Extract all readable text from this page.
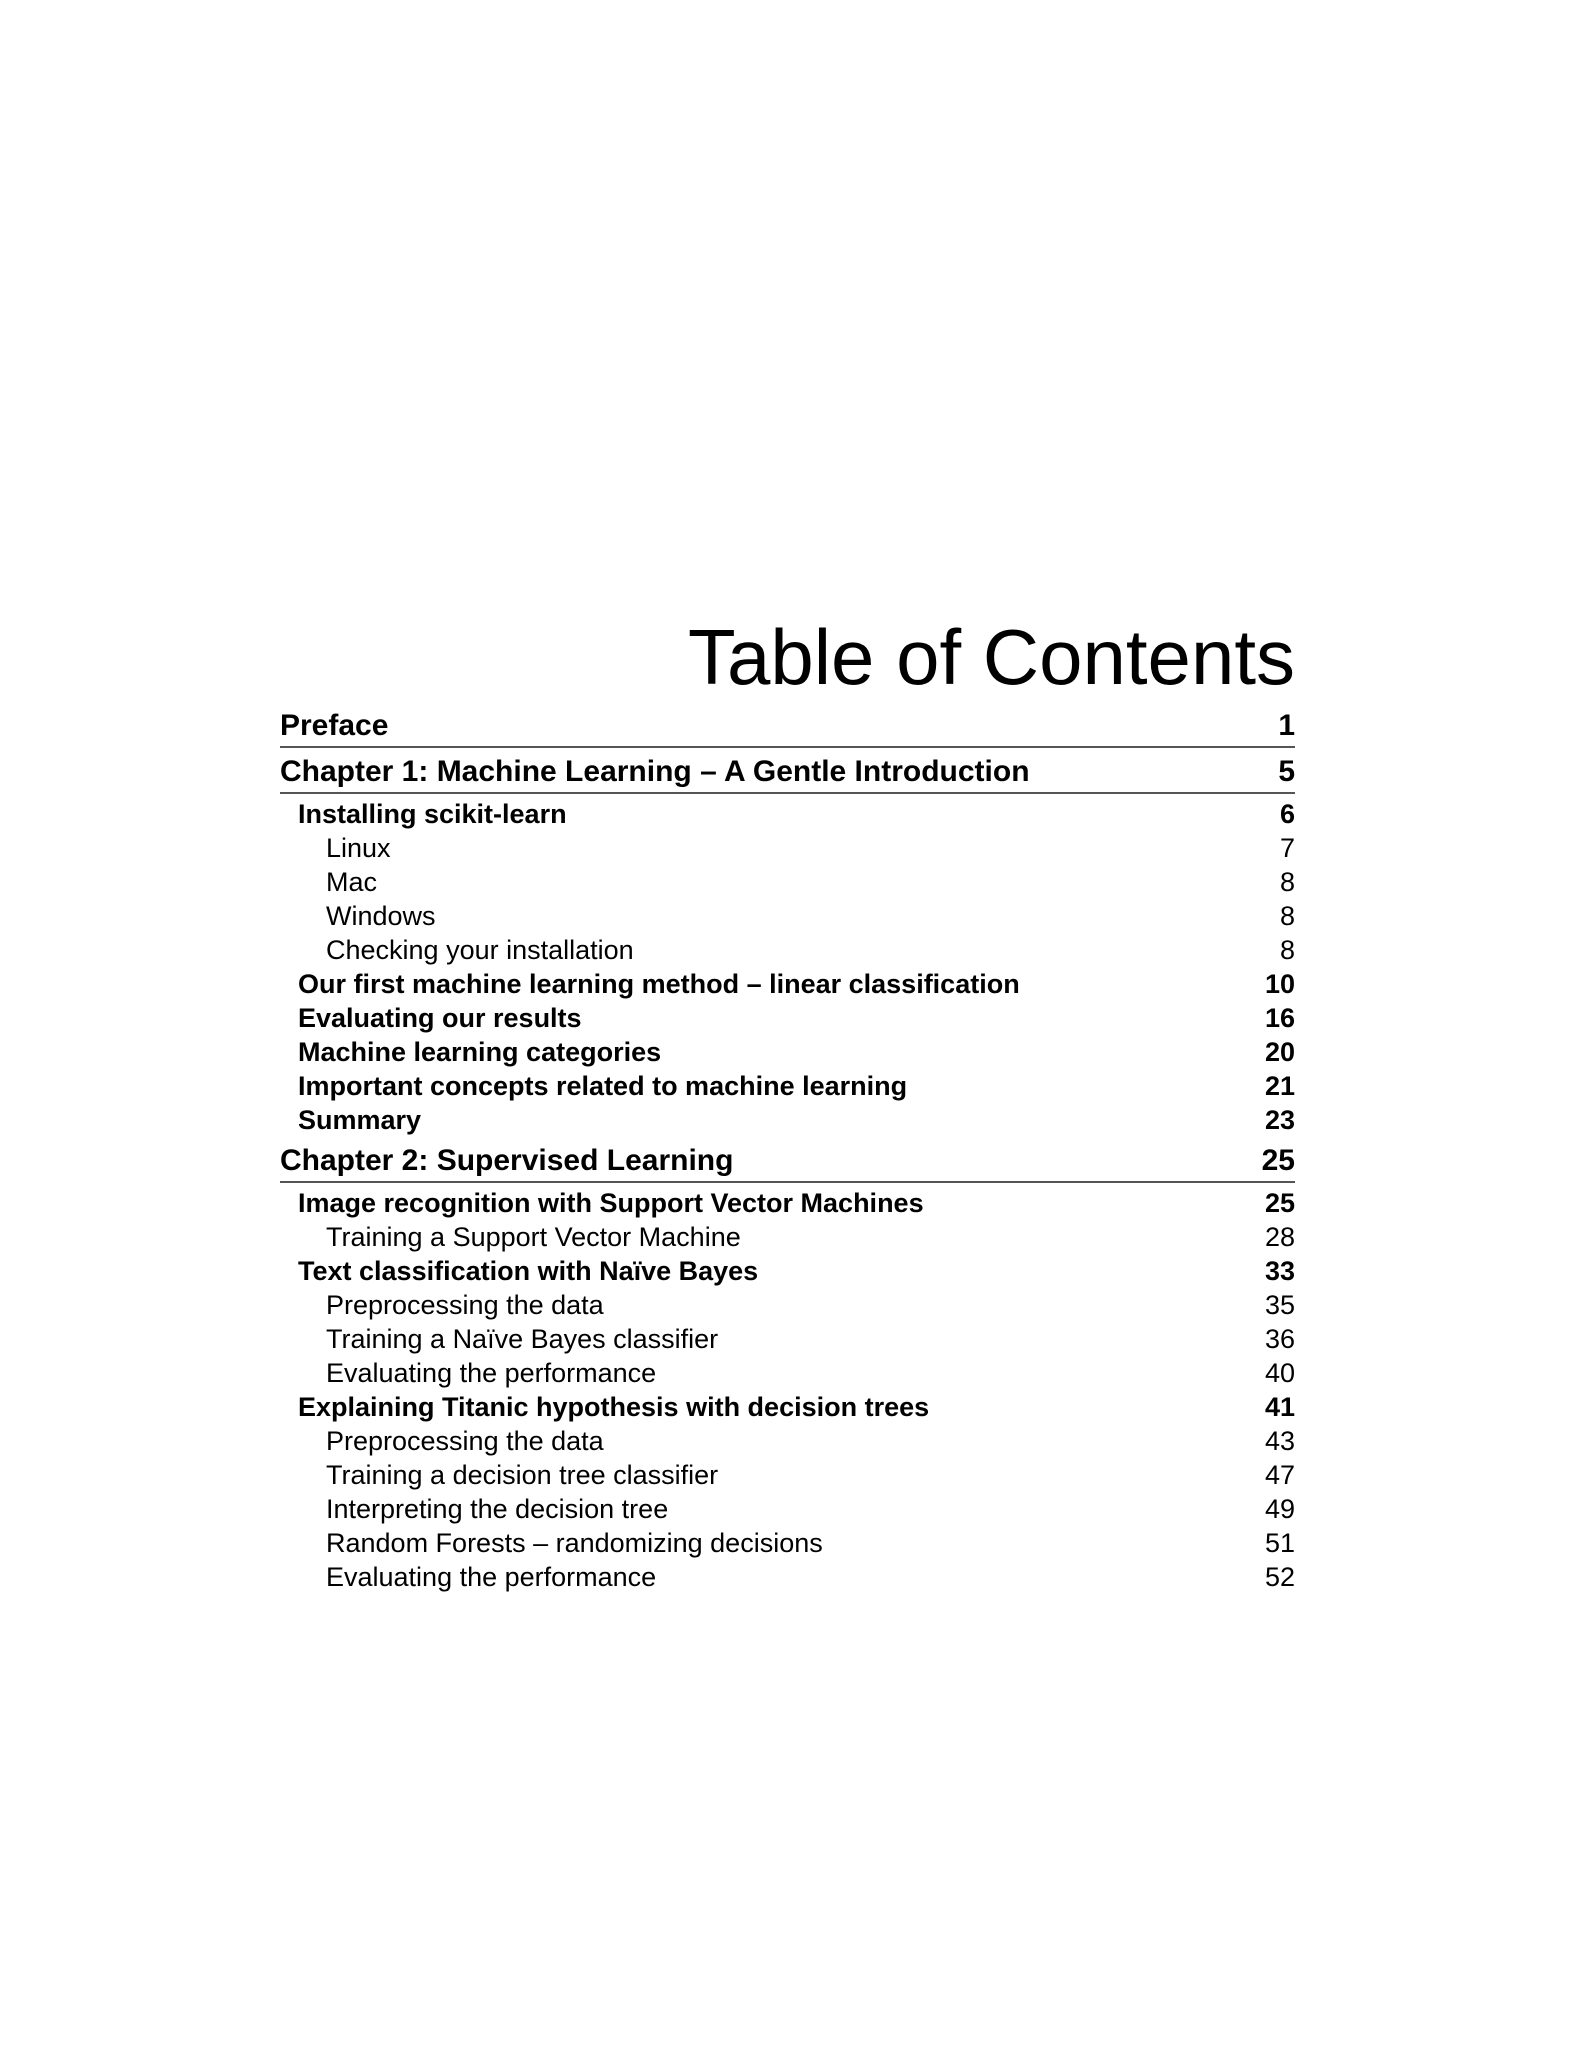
Table of Contents
Preface	1
Chapter 1: Machine Learning – A Gentle Introduction	5
Installing scikit-learn	6
Linux	7
Mac	8
Windows	8
Checking your installation	8
Our first machine learning method – linear classification	10
Evaluating our results	16
Machine learning categories	20
Important concepts related to machine learning	21
Summary	23
Chapter 2: Supervised Learning	25
Image recognition with Support Vector Machines	25
Training a Support Vector Machine	28
Text classification with Naïve Bayes	33
Preprocessing the data	35
Training a Naïve Bayes classifier	36
Evaluating the performance	40
Explaining Titanic hypothesis with decision trees	41
Preprocessing the data	43
Training a decision tree classifier	47
Interpreting the decision tree	49
Random Forests – randomizing decisions	51
Evaluating the performance	52
